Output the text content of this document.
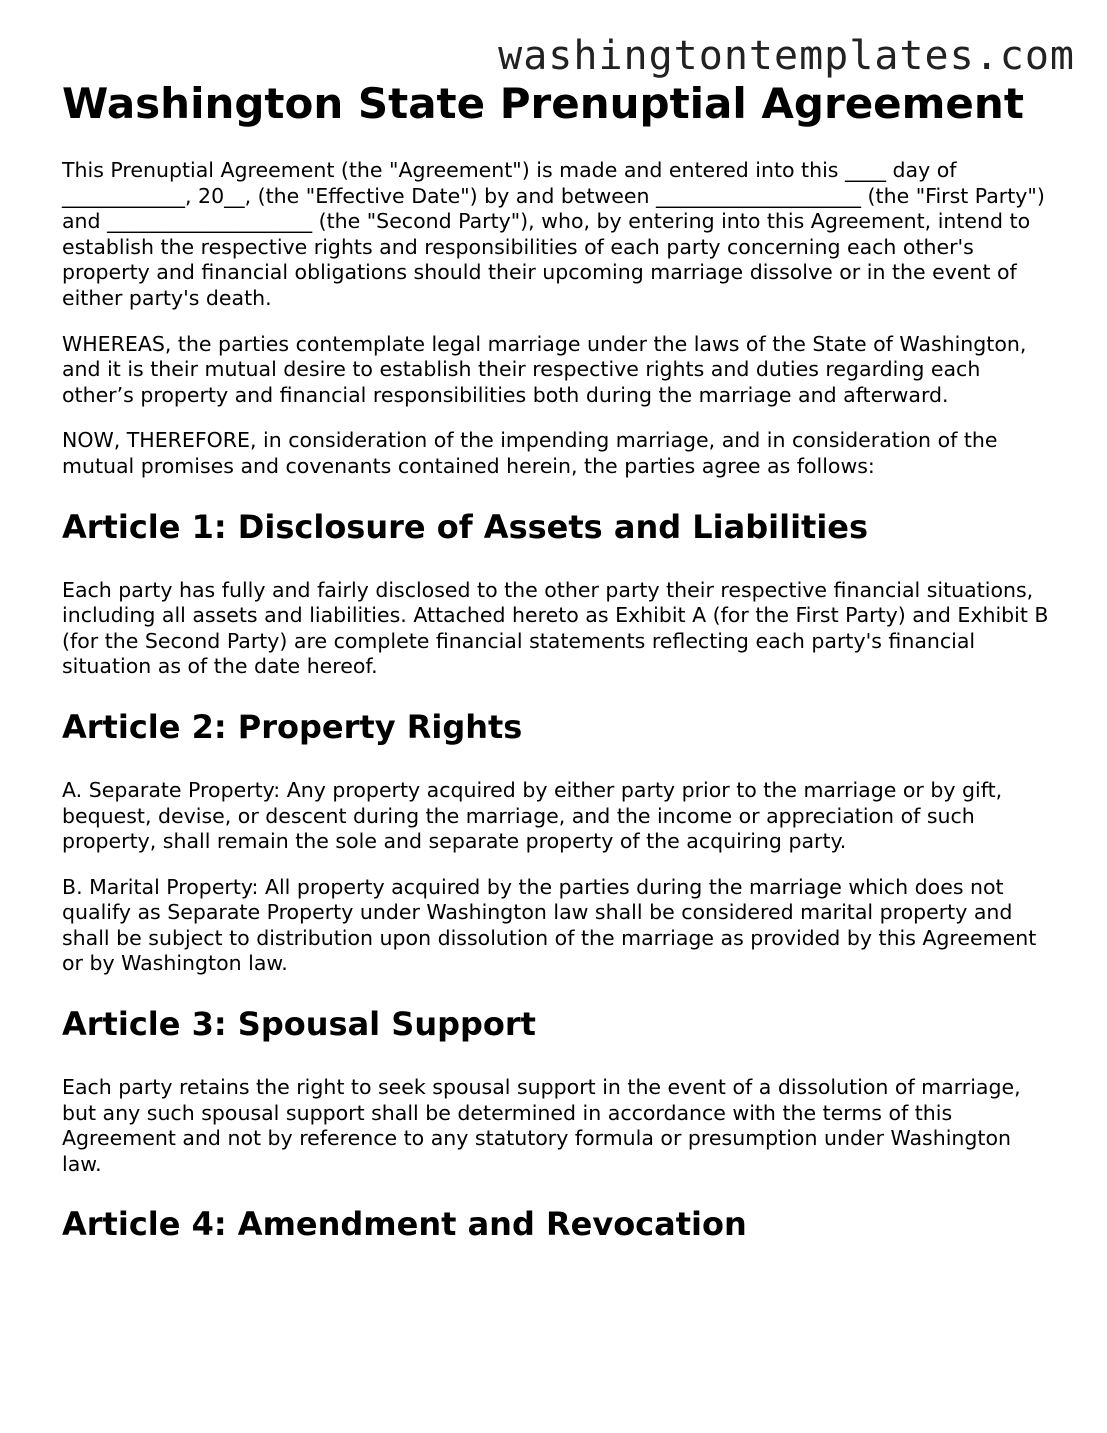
washingtontemplates.com
Washington State Prenuptial Agreement

This Prenuptial Agreement (the "Agreement") is made and entered into this ____ day of ____________, 20__, (the "Effective Date") by and between ____________________ (the "First Party") and ____________________ (the "Second Party"), who, by entering into this Agreement, intend to establish the respective rights and responsibilities of each party concerning each other's property and financial obligations should their upcoming marriage dissolve or in the event of either party's death.

WHEREAS, the parties contemplate legal marriage under the laws of the State of Washington, and it is their mutual desire to establish their respective rights and duties regarding each other’s property and financial responsibilities both during the marriage and afterward.

NOW, THEREFORE, in consideration of the impending marriage, and in consideration of the mutual promises and covenants contained herein, the parties agree as follows:

Article 1: Disclosure of Assets and Liabilities

Each party has fully and fairly disclosed to the other party their respective financial situations, including all assets and liabilities. Attached hereto as Exhibit A (for the First Party) and Exhibit B (for the Second Party) are complete financial statements reflecting each party's financial situation as of the date hereof.

Article 2: Property Rights

A. Separate Property: Any property acquired by either party prior to the marriage or by gift, bequest, devise, or descent during the marriage, and the income or appreciation of such property, shall remain the sole and separate property of the acquiring party.

B. Marital Property: All property acquired by the parties during the marriage which does not qualify as Separate Property under Washington law shall be considered marital property and shall be subject to distribution upon dissolution of the marriage as provided by this Agreement or by Washington law.

Article 3: Spousal Support

Each party retains the right to seek spousal support in the event of a dissolution of marriage, but any such spousal support shall be determined in accordance with the terms of this Agreement and not by reference to any statutory formula or presumption under Washington law.

Article 4: Amendment and Revocation
